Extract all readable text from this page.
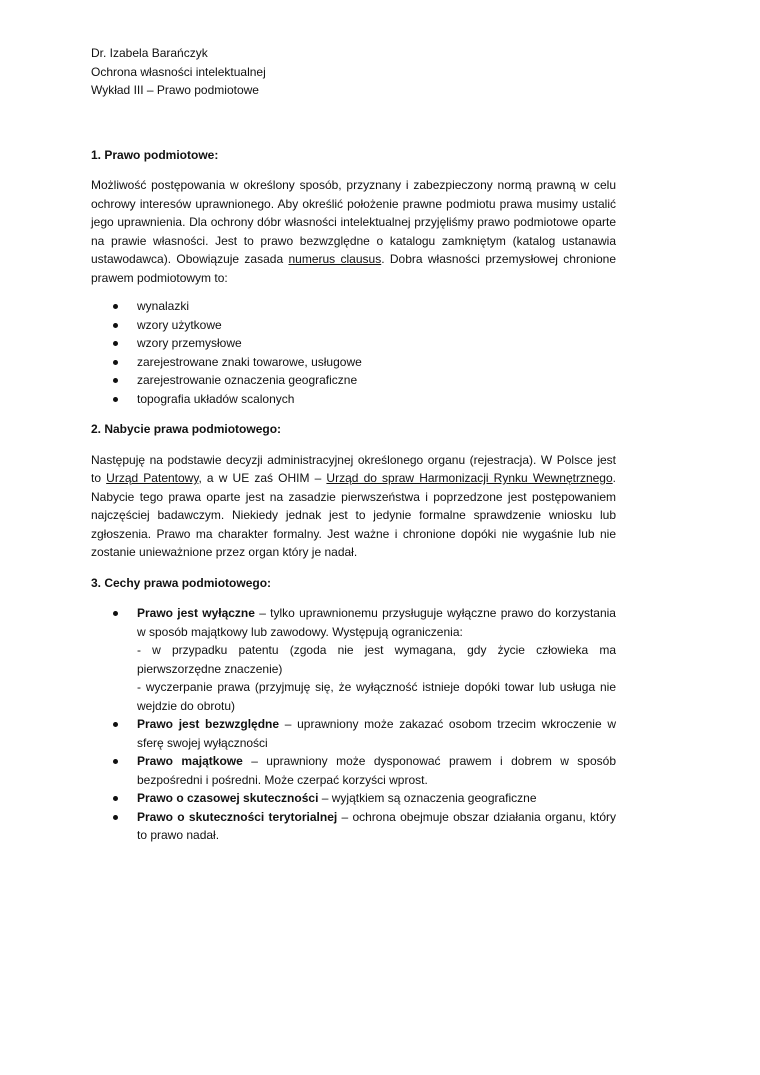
Dr. Izabela Barańczyk

Ochrona własności intelektualnej

Wykład III – Prawo podmiotowe

1. Prawo podmiotowe:

Możliwość postępowania w określony sposób, przyznany i zabezpieczony normą prawną w celu ochrowy interesów uprawnionego. Aby określić położenie prawne podmiotu prawa musimy ustalić jego uprawnienia. Dla ochrony dóbr własności intelektualnej przyjęliśmy prawo podmiotowe oparte na prawie własności. Jest to prawo bezwzględne o katalogu zamkniętym (katalog ustanawia ustawodawca). Obowiązuje zasada numerus clausus. Dobra własności przemysłowej chronione prawem podmiotowym to:

wynalazki
wzory użytkowe
wzory przemysłowe
zarejestrowane znaki towarowe, usługowe
zarejestrowanie oznaczenia geograficzne
topografia układów scalonych

2. Nabycie prawa podmiotowego:

Następuję na podstawie decyzji administracyjnej określonego organu (rejestracja). W Polsce jest to Urząd Patentowy, a w UE zaś OHIM – Urząd do spraw Harmonizacji Rynku Wewnętrznego. Nabycie tego prawa oparte jest na zasadzie pierwszeństwa i poprzedzone jest postępowaniem najczęściej badawczym. Niekiedy jednak jest to jedynie formalne sprawdzenie wniosku lub zgłoszenia. Prawo ma charakter formalny. Jest ważne i chronione dopóki nie wygaśnie lub nie zostanie unieważnione przez organ który je nadał.

3. Cechy prawa podmiotowego:

Prawo jest wyłączne – tylko uprawnionemu przysługuje wyłączne prawo do korzystania w sposób majątkowy lub zawodowy. Występują ograniczenia:
- w przypadku patentu (zgoda nie jest wymagana, gdy życie człowieka ma pierwszorzędne znaczenie)
- wyczerpanie prawa (przyjmuję się, że wyłączność istnieje dopóki towar lub usługa nie wejdzie do obrotu)
Prawo jest bezwzględne – uprawniony może zakazać osobom trzecim wkroczenie w sferę swojej wyłączności
Prawo majątkowe – uprawniony może dysponować prawem i dobrem w sposób bezpośredni i pośredni. Może czerpać korzyści wprost.
Prawo o czasowej skuteczności – wyjątkiem są oznaczenia geograficzne
Prawo o skuteczności terytorialnej – ochrona obejmuje obszar działania organu, który to prawo nadał.
